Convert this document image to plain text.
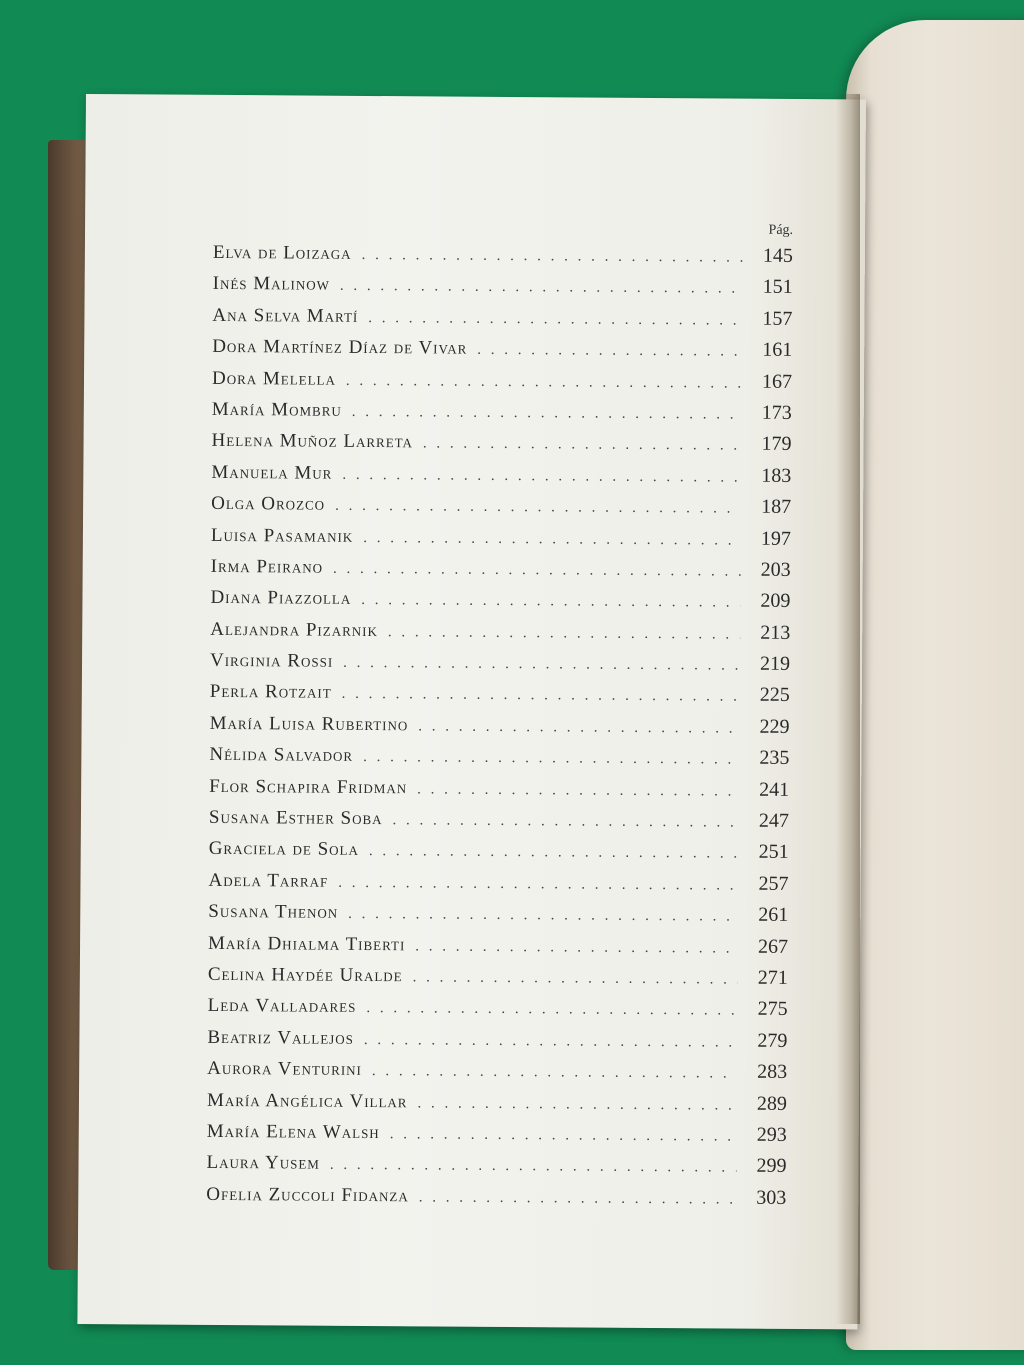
Pág.
Elva de Loizaga . . .	145
Inés Malinow . . .	151
Ana Selva Martí . . .	157
Dora Martínez Díaz de Vivar . . .	161
Dora Melella . . .	167
María Mombru . . .	173
Helena Muñoz Larreta . . .	179
Manuela Mur . . .	183
Olga Orozco . . .	187
Luisa Pasamanik . . .	197
Irma Peirano . . .	203
Diana Piazzolla . . .	209
Alejandra Pizarnik . . .	213
Virginia Rossi . . .	219
Perla Rotzait . . .	225
María Luisa Rubertino . . .	229
Nélida Salvador . . .	235
Flor Schapira Fridman . . .	241
Susana Esther Soba . . .	247
Graciela de Sola . . .	251
Adela Tarraf . . .	257
Susana Thenon . . .	261
María Dhialma Tiberti . . .	267
Celina Haydée Uralde . . .	271
Leda Valladares . . .	275
Beatriz Vallejos . . .	279
Aurora Venturini . . .	283
María Angélica Villar . . .	289
María Elena Walsh . . .	293
Laura Yusem . . .	299
Ofelia Zuccoli Fidanza . . .	303
